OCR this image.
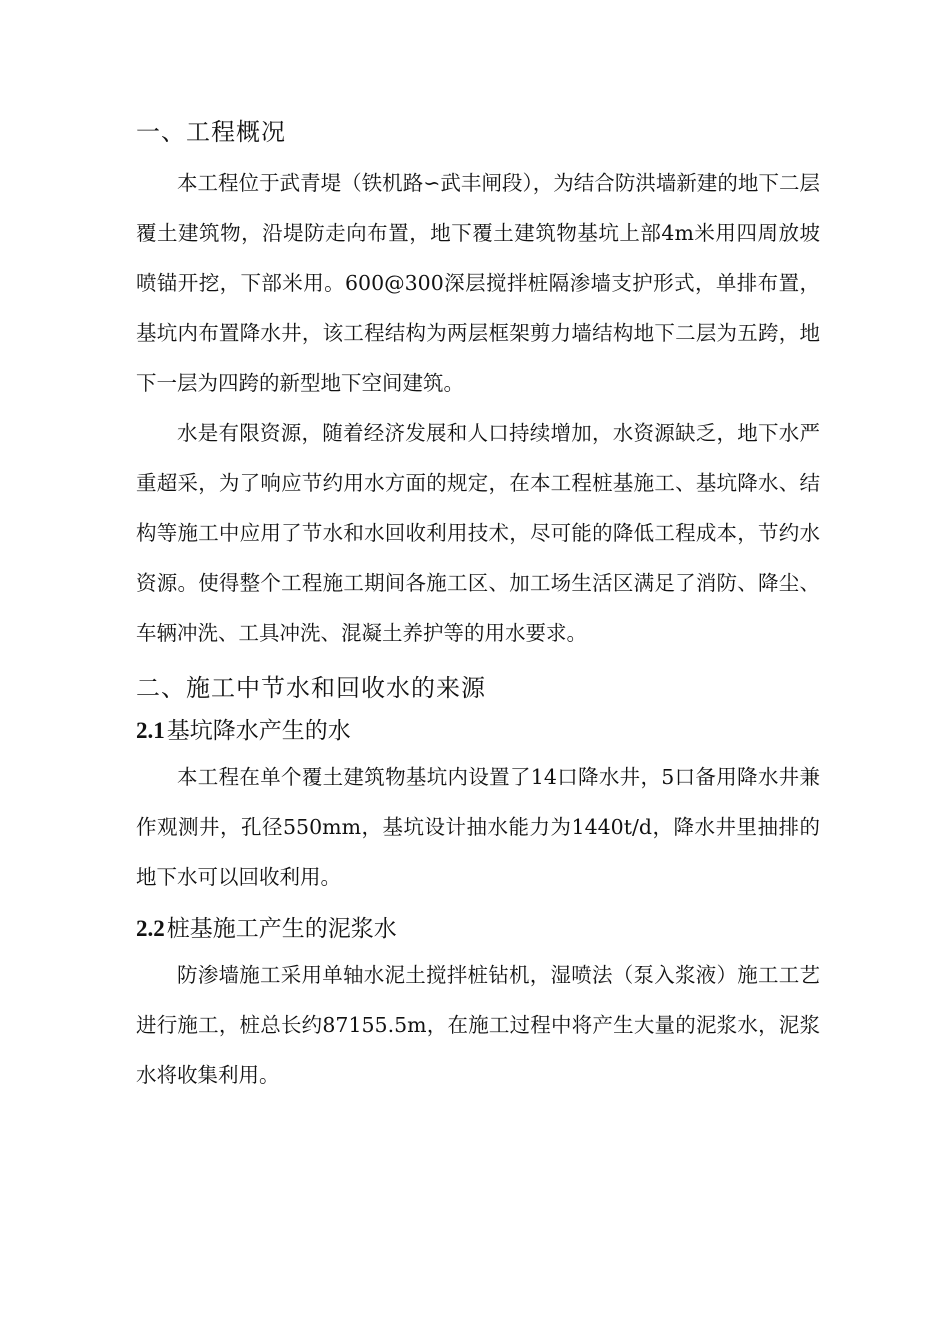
一、工程概况

本工程位于武青堤（铁机路∽武丰闸段），为结合防洪墙新建的地下二层覆土建筑物，沿堤防走向布置，地下覆土建筑物基坑上部4m米用四周放坡喷锚开挖，下部米用。600@300深层搅拌桩隔渗墙支护形式，单排布置，基坑内布置降水井，该工程结构为两层框架剪力墙结构地下二层为五跨，地下一层为四跨的新型地下空间建筑。

水是有限资源，随着经济发展和人口持续增加，水资源缺乏，地下水严重超采，为了响应节约用水方面的规定，在本工程桩基施工、基坑降水、结构等施工中应用了节水和水回收利用技术，尽可能的降低工程成本，节约水资源。使得整个工程施工期间各施工区、加工场生活区满足了消防、降尘、车辆冲洗、工具冲洗、混凝土养护等的用水要求。

二、施工中节水和回收水的来源
2.1基坑降水产生的水

本工程在单个覆土建筑物基坑内设置了14口降水井，5口备用降水井兼作观测井，孔径550mm，基坑设计抽水能力为1440t/d，降水井里抽排的地下水可以回收利用。

2.2桩基施工产生的泥浆水

防渗墙施工采用单轴水泥土搅拌桩钻机，湿喷法（泵入浆液）施工工艺进行施工，桩总长约87155.5m，在施工过程中将产生大量的泥浆水，泥浆水将收集利用。
